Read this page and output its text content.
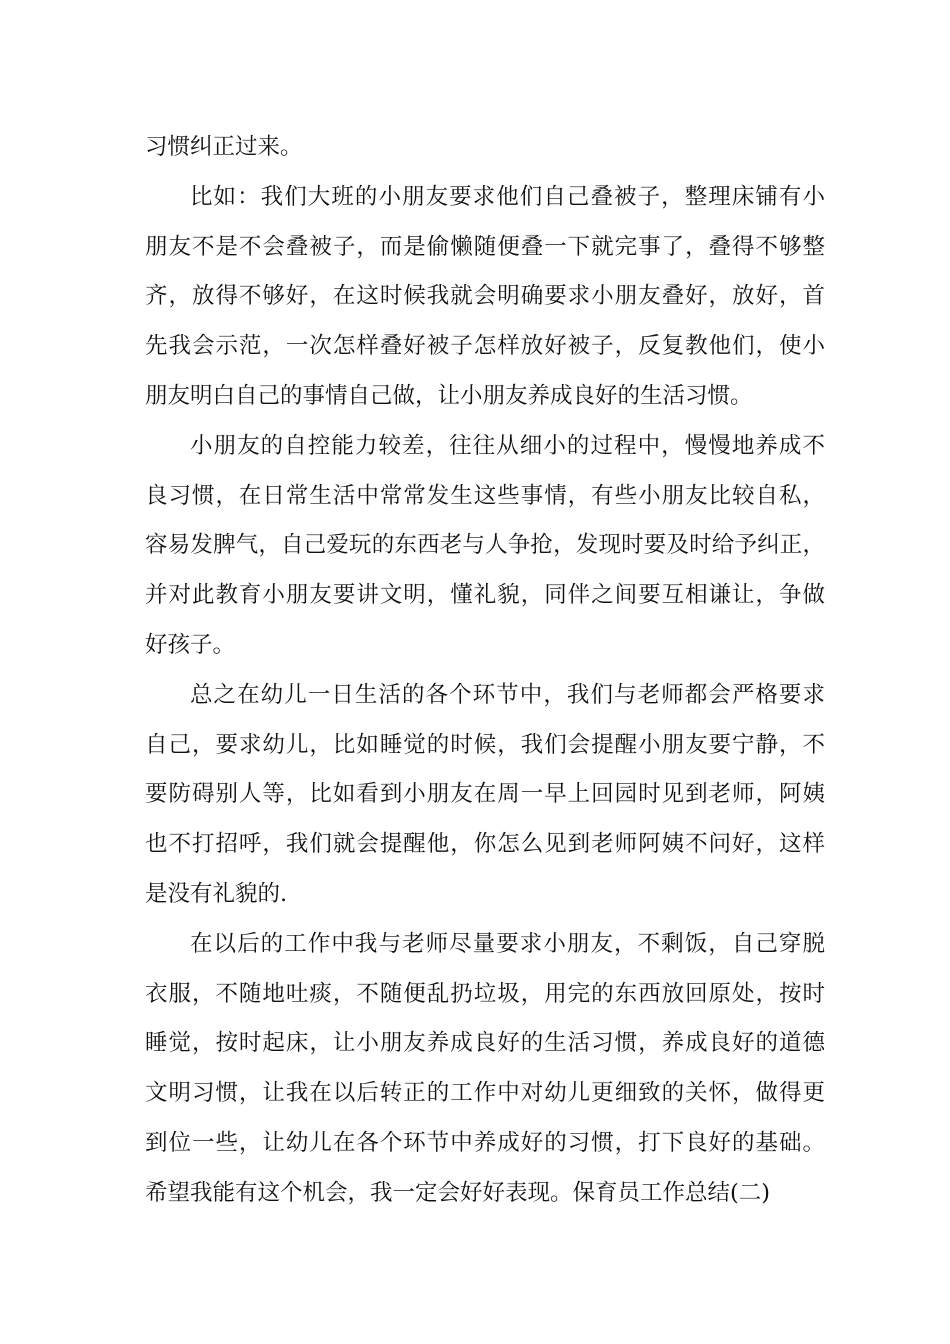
习惯纠正过来。
比如：我们大班的小朋友要求他们自己叠被子，整理床铺有小
朋友不是不会叠被子，而是偷懒随便叠一下就完事了，叠得不够整
齐，放得不够好，在这时候我就会明确要求小朋友叠好，放好，首
先我会示范，一次怎样叠好被子怎样放好被子，反复教他们，使小
朋友明白自己的事情自己做，让小朋友养成良好的生活习惯。
小朋友的自控能力较差，往往从细小的过程中，慢慢地养成不
良习惯，在日常生活中常常发生这些事情，有些小朋友比较自私，
容易发脾气，自己爱玩的东西老与人争抢，发现时要及时给予纠正，
并对此教育小朋友要讲文明，懂礼貌，同伴之间要互相谦让，争做
好孩子。
总之在幼儿一日生活的各个环节中，我们与老师都会严格要求
自己，要求幼儿，比如睡觉的时候，我们会提醒小朋友要宁静，不
要防碍别人等，比如看到小朋友在周一早上回园时见到老师，阿姨
也不打招呼，我们就会提醒他，你怎么见到老师阿姨不问好，这样
是没有礼貌的.
在以后的工作中我与老师尽量要求小朋友，不剩饭，自己穿脱
衣服，不随地吐痰，不随便乱扔垃圾，用完的东西放回原处，按时
睡觉，按时起床，让小朋友养成良好的生活习惯，养成良好的道德
文明习惯，让我在以后转正的工作中对幼儿更细致的关怀，做得更
到位一些，让幼儿在各个环节中养成好的习惯，打下良好的基础。
希望我能有这个机会，我一定会好好表现。保育员工作总结(二)
